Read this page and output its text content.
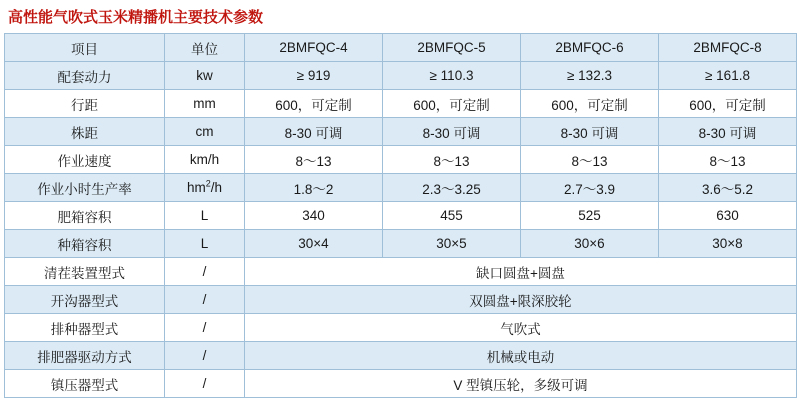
高性能气吹式玉米精播机主要技术参数
项目	单位	2BMFQC-4	2BMFQC-5	2BMFQC-6	2BMFQC-8
配套动力	kw	≥ 919	≥ 110.3	≥ 132.3	≥ 161.8
行距	mm	600，可定制	600，可定制	600，可定制	600，可定制
株距	cm	8-30 可调	8-30 可调	8-30 可调	8-30 可调
作业速度	km/h	8～13	8～13	8～13	8～13
作业小时生产率	$hm^2/h$	1.8～2	2.3～3.25	2.7～3.9	3.6～5.2
肥箱容积	L	340	455	525	630
种箱容积	L	30×4	30×5	30×6	30×8
清茬装置型式	/	缺口圆盘+圆盘			
开沟器型式	/	双圆盘+限深胶轮			
排种器型式	/	气吹式			
排肥器驱动方式	/	机械或电动			
镇压器型式	/	V 型镇压轮，多级可调			
